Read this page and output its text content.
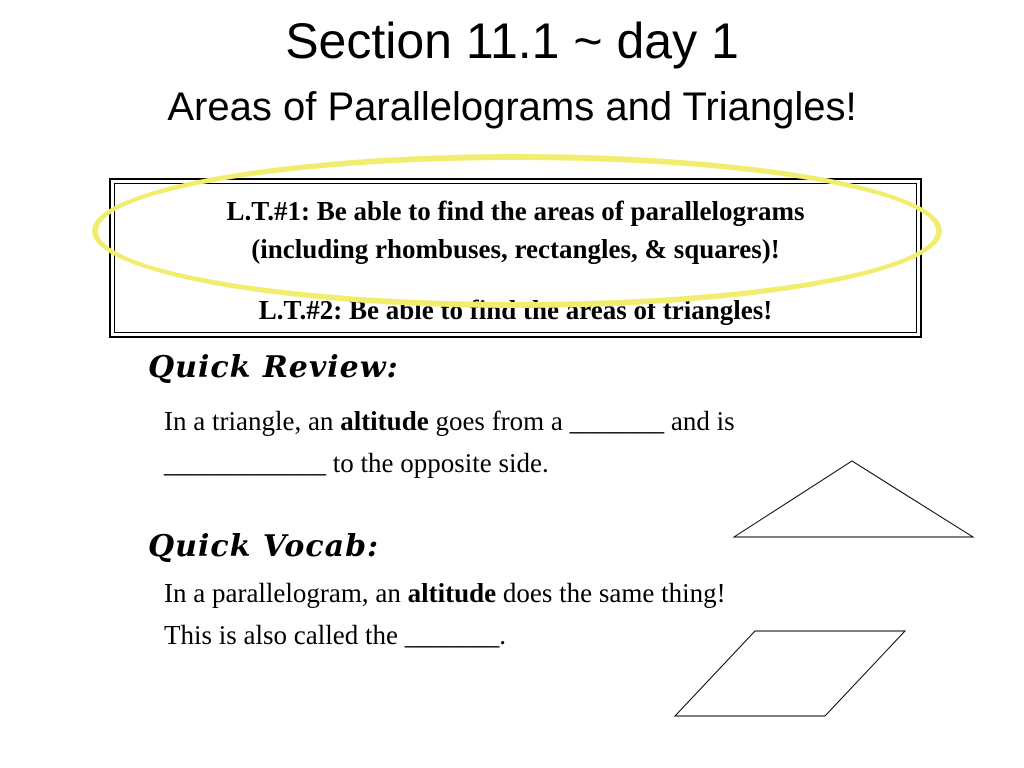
Section 11.1 ~ day 1
Areas of Parallelograms and Triangles!

L.T.#1: Be able to find the areas of parallelograms
(including rhombuses, rectangles, & squares)!

L.T.#2: Be able to find the areas of triangles!

Quick Review:

In a triangle, an altitude goes from a _______ and is
____________ to the opposite side.

Quick Vocab:

In a parallelogram, an altitude does the same thing!
This is also called the _______.
